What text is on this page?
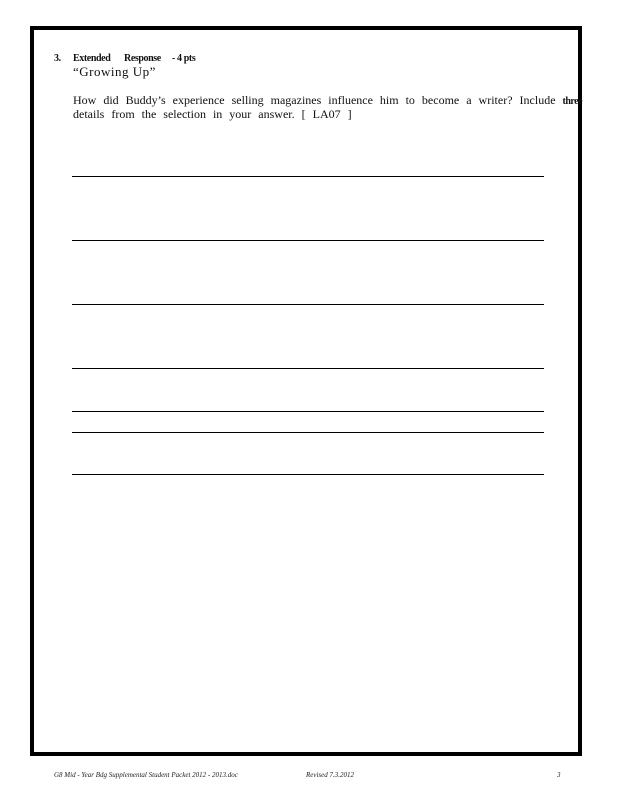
3. Extended Response - 4 pts
“Growing Up”
How did Buddy’s experience selling magazines influence him to become a writer? Include three
details from the selection in your answer. [ LA07 ]
G8 Mid - Year Bdg Supplemental Student Packet 2012 - 2013.doc	Revised 7.3.2012	3
